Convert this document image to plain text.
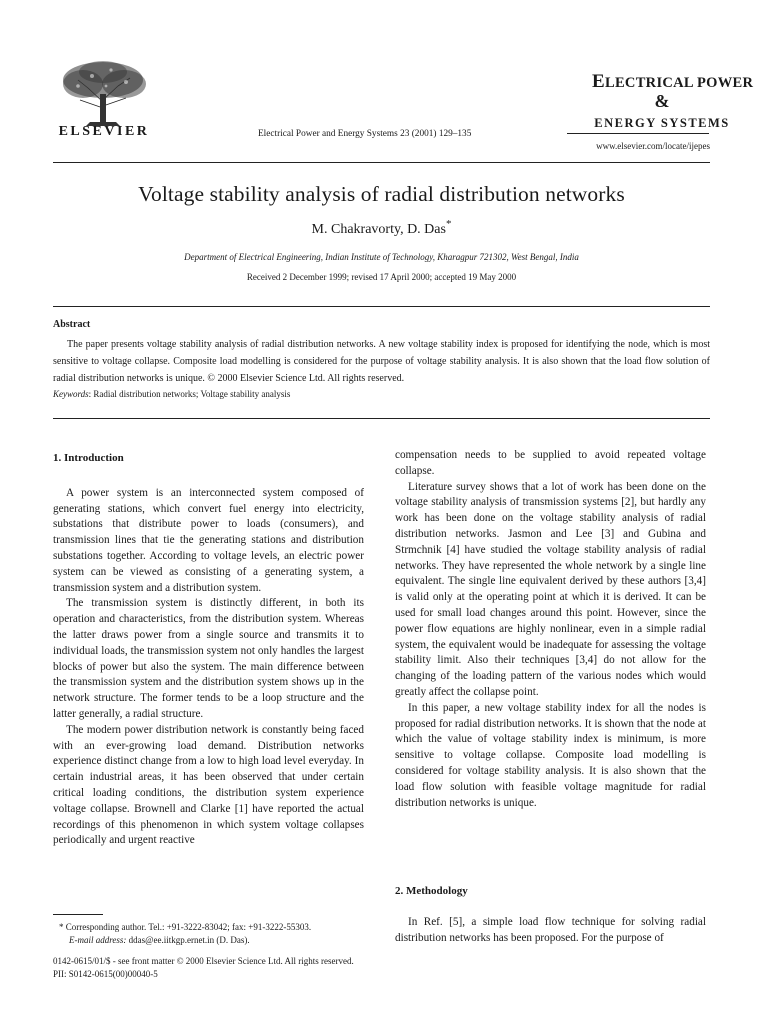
ELSEVIER	Electrical Power and Energy Systems 23 (2001) 129–135
ELECTRICAL POWER
&
ENERGY SYSTEMS
www.elsevier.com/locate/ijepes
Voltage stability analysis of radial distribution networks
M. Chakravorty, D. Das*
Department of Electrical Engineering, Indian Institute of Technology, Kharagpur 721302, West Bengal, India
Received 2 December 1999; revised 17 April 2000; accepted 19 May 2000
Abstract

The paper presents voltage stability analysis of radial distribution networks. A new voltage stability index is proposed for identifying the node, which is most sensitive to voltage collapse. Composite load modelling is considered for the purpose of voltage stability analysis. It is also shown that the load flow solution of radial distribution networks is unique. © 2000 Elsevier Science Ltd. All rights reserved.

Keywords: Radial distribution networks; Voltage stability analysis
1. Introduction

A power system is an interconnected system composed of generating stations, which convert fuel energy into electricity, substations that distribute power to loads (consumers), and transmission lines that tie the generating stations and distribution substations together. According to voltage levels, an electric power system can be viewed as consisting of a generating system, a transmission system and a distribution system.

The transmission system is distinctly different, in both its operation and characteristics, from the distribution system. Whereas the latter draws power from a single source and transmits it to individual loads, the transmission system not only handles the largest blocks of power but also the system. The main difference between the transmission system and the distribution system shows up in the network structure. The former tends to be a loop structure and the latter generally, a radial structure.

The modern power distribution network is constantly being faced with an ever-growing load demand. Distribution networks experience distinct change from a low to high load level everyday. In certain industrial areas, it has been observed that under certain critical loading conditions, the distribution system experience voltage collapse. Brownell and Clarke [1] have reported the actual recordings of this phenomenon in which system voltage collapses periodically and urgent reactive

compensation needs to be supplied to avoid repeated voltage collapse.

Literature survey shows that a lot of work has been done on the voltage stability analysis of transmission systems [2], but hardly any work has been done on the voltage stability analysis of radial distribution networks. Jasmon and Lee [3] and Gubina and Strmchnik [4] have studied the voltage stability analysis of radial networks. They have represented the whole network by a single line equivalent. The single line equivalent derived by these authors [3,4] is valid only at the operating point at which it is derived. It can be used for small load changes around this point. However, since the power flow equations are highly nonlinear, even in a simple radial system, the equivalent would be inadequate for assessing the voltage stability limit. Also their techniques [3,4] do not allow for the changing of the loading pattern of the various nodes which would greatly affect the collapse point.

In this paper, a new voltage stability index for all the nodes is proposed for radial distribution networks. It is shown that the node at which the value of voltage stability index is minimum, is more sensitive to voltage collapse. Composite load modelling is considered for voltage stability analysis. It is also shown that the load flow solution with feasible voltage magnitude for radial distribution networks is unique.

2. Methodology

In Ref. [5], a simple load flow technique for solving radial distribution networks has been proposed. For the purpose of

* Corresponding author. Tel.: +91-3222-83042; fax: +91-3222-55303.
E-mail address: ddas@ee.iitkgp.ernet.in (D. Das).
0142-0615/01/$ - see front matter © 2000 Elsevier Science Ltd. All rights reserved.
PII: S0142-0615(00)00040-5
